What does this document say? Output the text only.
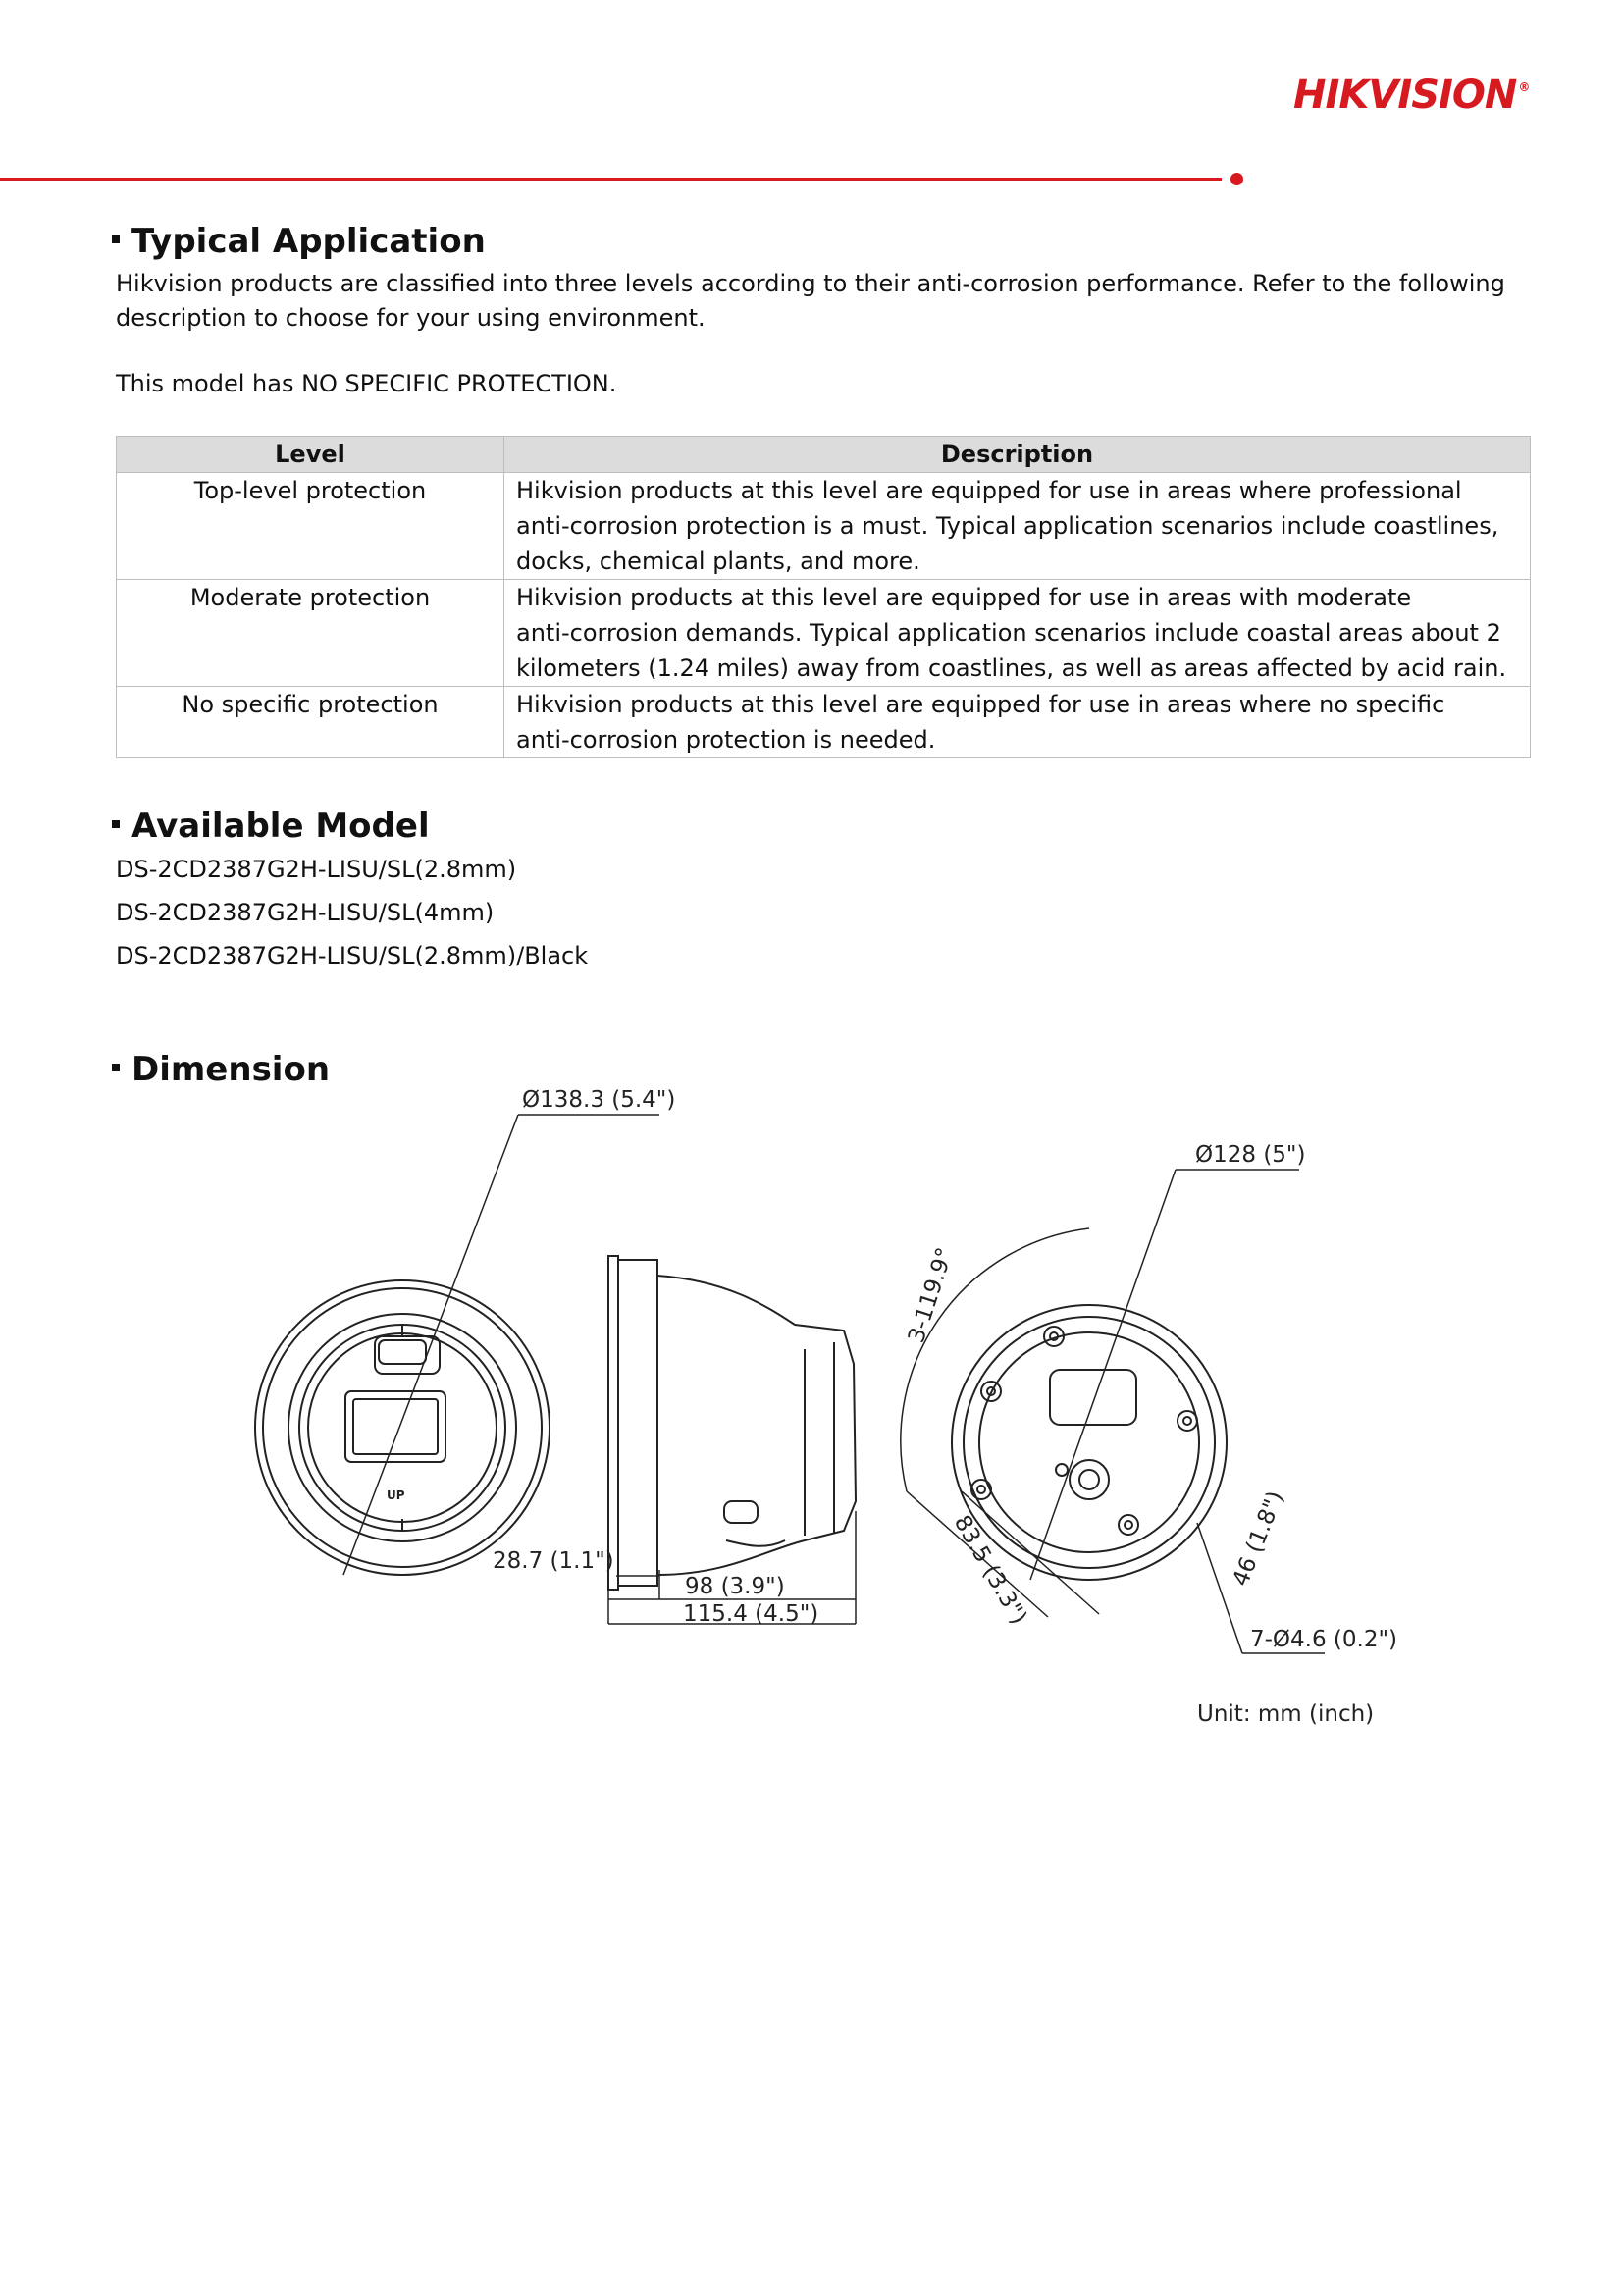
HIKVISION ®
Typical Application
Hikvision products are classified into three levels according to their anti-corrosion performance. Refer to the following
description to choose for your using environment.
This model has NO SPECIFIC PROTECTION.
Level	Description
Top-level protection	Hikvision products at this level are equipped for use in areas where professional
anti-corrosion protection is a must. Typical application scenarios include coastlines,
docks, chemical plants, and more.

Moderate protection	Hikvision products at this level are equipped for use in areas with moderate
anti-corrosion demands. Typical application scenarios include coastal areas about 2
kilometers (1.24 miles) away from coastlines, as well as areas affected by acid rain.

No specific protection	Hikvision products at this level are equipped for use in areas where no specific
anti-corrosion protection is needed.
Available Model
DS-2CD2387G2H-LISU/SL(2.8mm)
DS-2CD2387G2H-LISU/SL(4mm)
DS-2CD2387G2H-LISU/SL(2.8mm)/Black
Dimension
Ø138.3 (5.4")
Ø128 (5")
3-119.9°
28.7 (1.1")
98 (3.9")
115.4 (4.5")	83.5 (3.3")	46 (1.8")
7-Ø4.6 (0.2")
UP
Unit: mm (inch)
